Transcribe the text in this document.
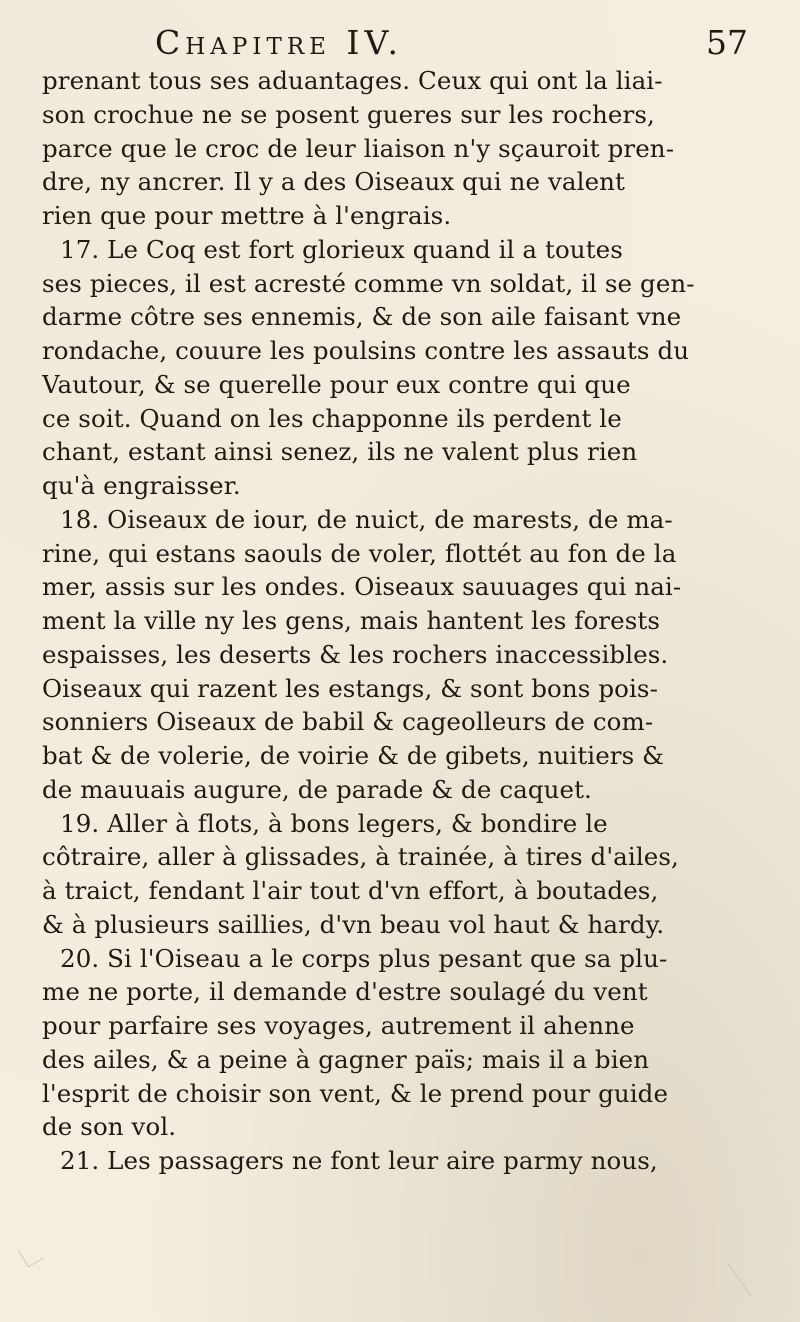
Chapitre IV.	57
prenant tous ses aduantages. Ceux qui ont la liai-
son crochue ne se posent gueres sur les rochers,
parce que le croc de leur liaison n'y sçauroit pren-
dre, ny ancrer. Il y a des Oiseaux qui ne valent
rien que pour mettre à l'engrais.
17. Le Coq est fort glorieux quand il a toutes
ses pieces, il est acresté comme vn soldat, il se gen-
darme côtre ses ennemis, & de son aile faisant vne
rondache, couure les poulsins contre les assauts du
Vautour, & se querelle pour eux contre qui que
ce soit. Quand on les chapponne ils perdent le
chant, estant ainsi senez, ils ne valent plus rien
qu'à engraisser.
18. Oiseaux de iour, de nuict, de marests, de ma-
rine, qui estans saouls de voler, flottét au fon de la
mer, assis sur les ondes. Oiseaux sauuages qui nai-
ment la ville ny les gens, mais hantent les forests
espaisses, les deserts & les rochers inaccessibles.
Oiseaux qui razent les estangs, & sont bons pois-
sonniers Oiseaux de babil & cageolleurs de com-
bat & de volerie, de voirie & de gibets, nuitiers &
de mauuais augure, de parade & de caquet.
19. Aller à flots, à bons legers, & bondire le
côtraire, aller à glissades, à trainée, à tires d'ailes,
à traict, fendant l'air tout d'vn effort, à boutades,
& à plusieurs saillies, d'vn beau vol haut & hardy.
20. Si l'Oiseau a le corps plus pesant que sa plu-
me ne porte, il demande d'estre soulagé du vent
pour parfaire ses voyages, autrement il ahenne
des ailes, & a peine à gagner païs; mais il a bien
l'esprit de choisir son vent, & le prend pour guide
de son vol.
21. Les passagers ne font leur aire parmy nous,
